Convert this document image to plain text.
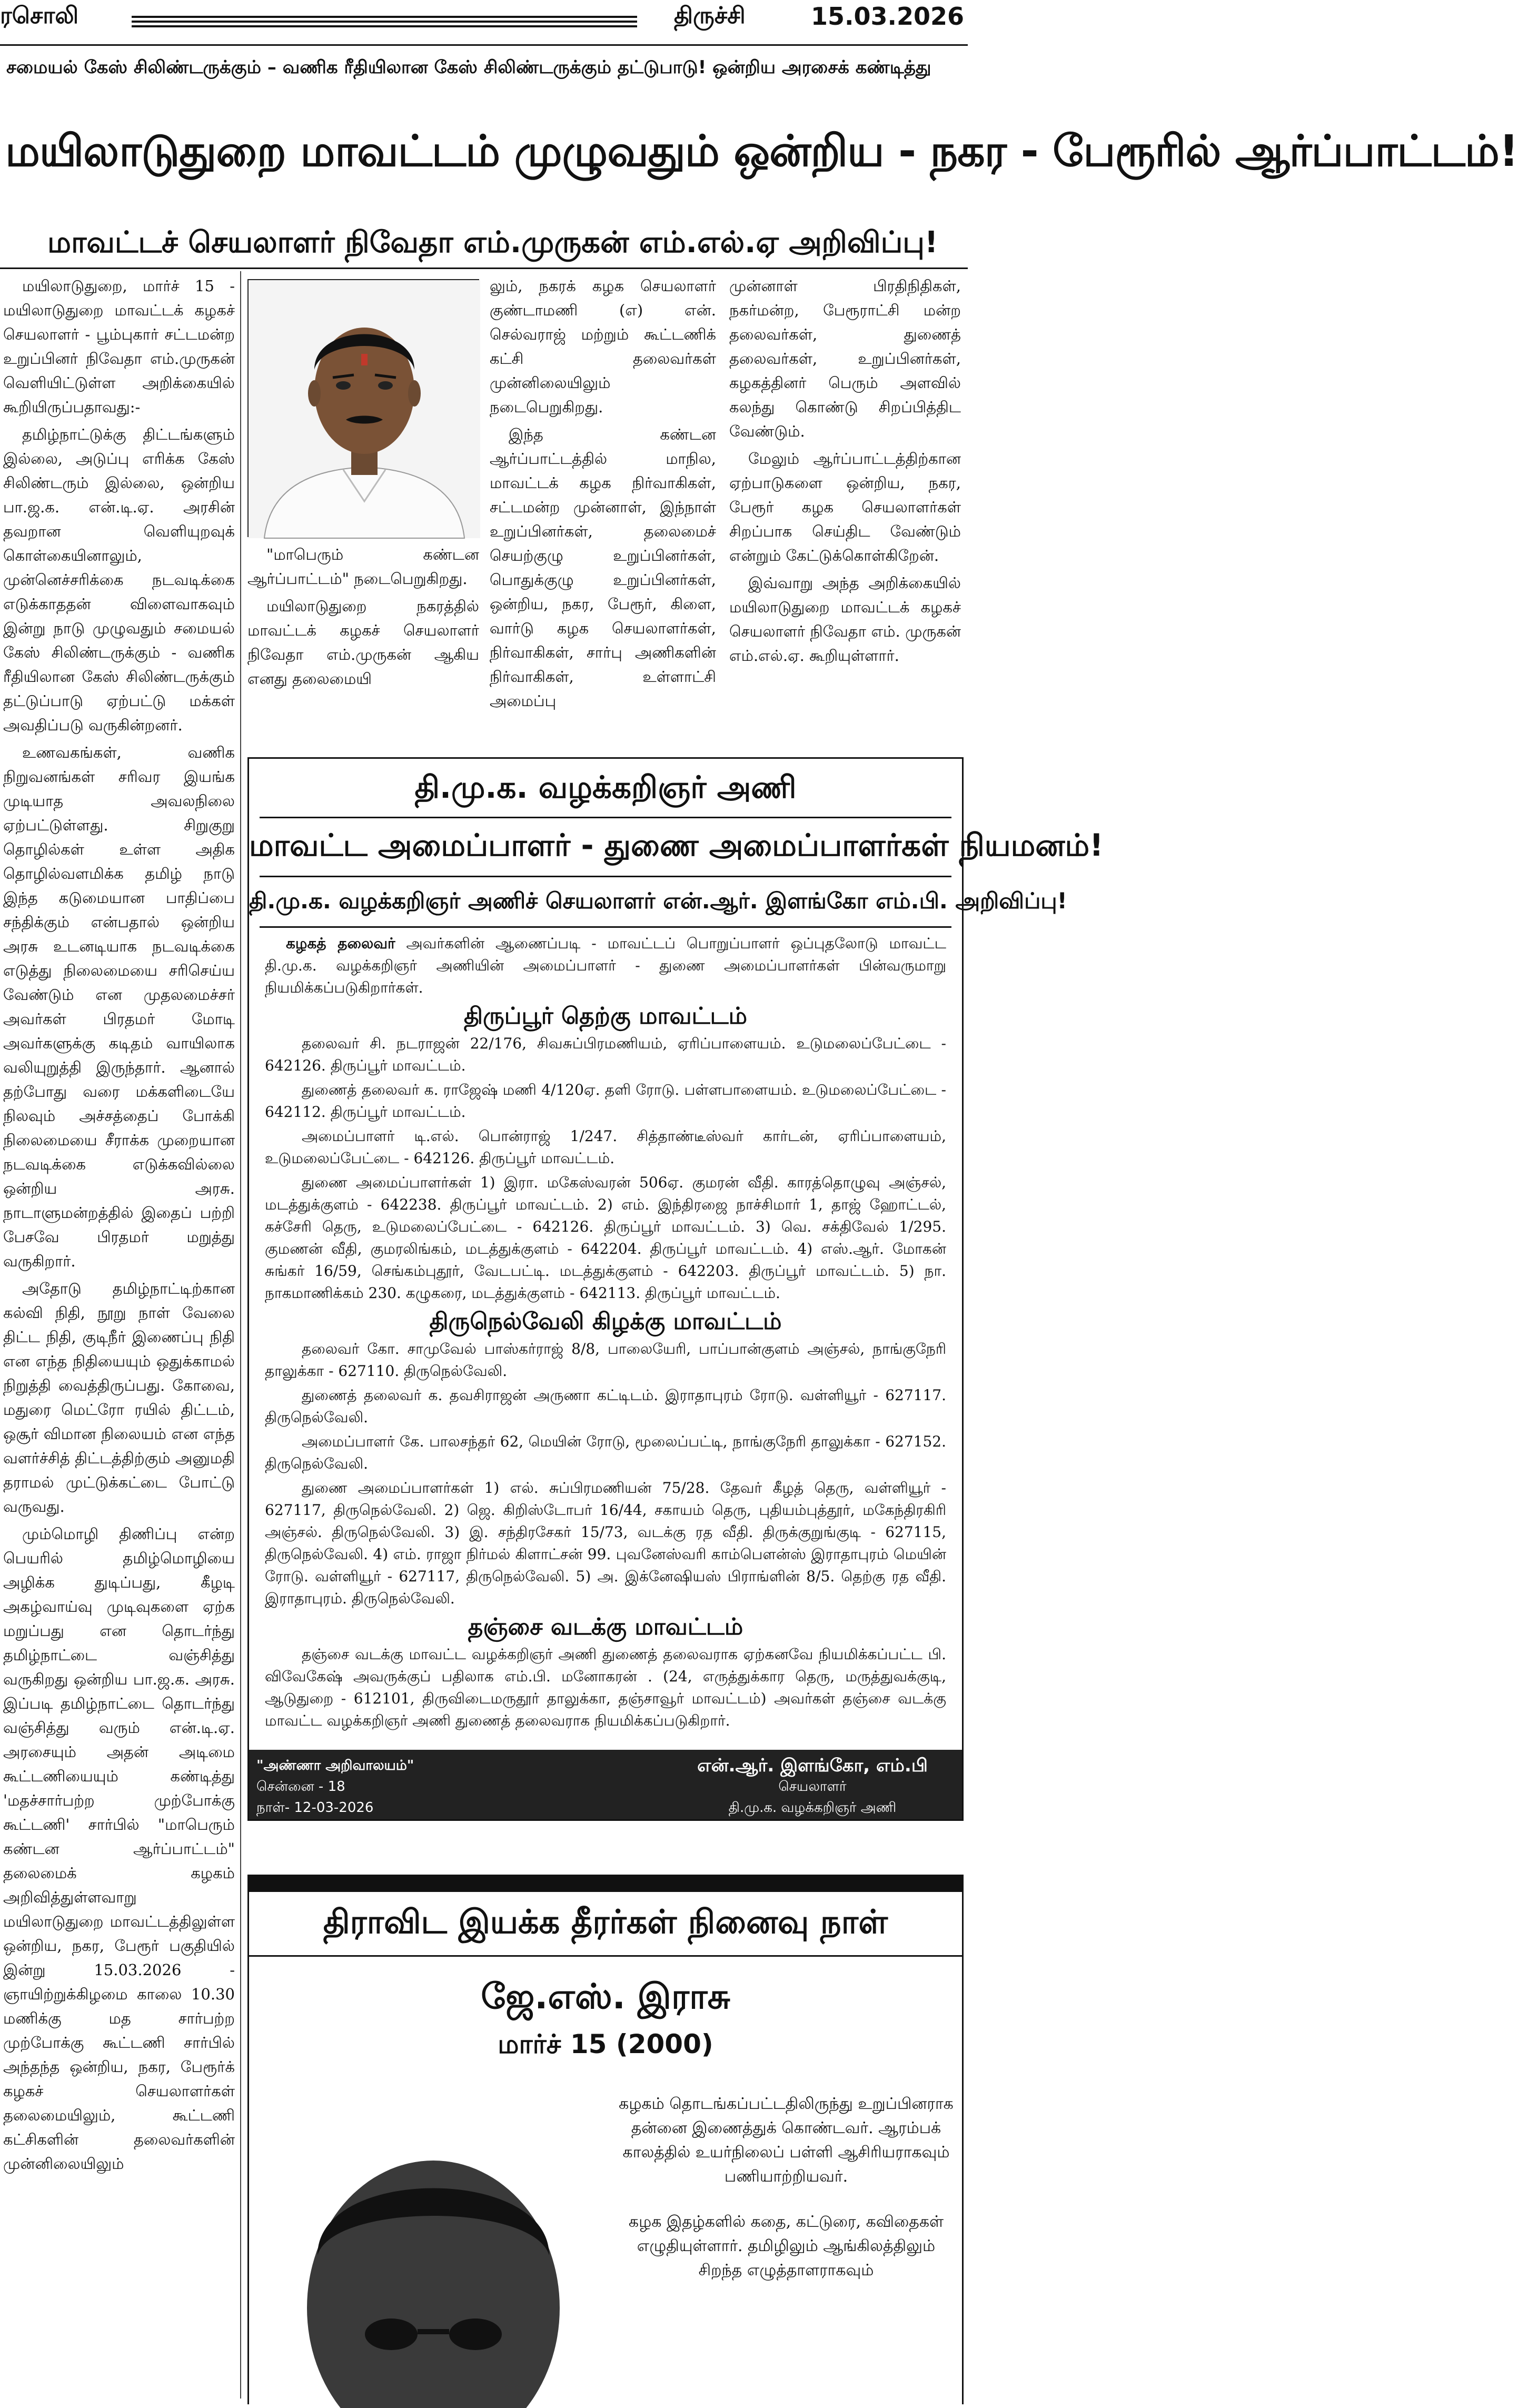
ரசொலி	திருச்சி	15.03.2026
சமையல் கேஸ் சிலிண்டருக்கும் – வணிக ரீதியிலான கேஸ் சிலிண்டருக்கும் தட்டுபாடு! ஒன்றிய அரசைக் கண்டித்து
மயிலாடுதுறை மாவட்டம் முழுவதும் ஒன்றிய - நகர - பேரூரில் ஆர்ப்பாட்டம்!
மாவட்டச் செயலாளர் நிவேதா எம்.முருகன் எம்.எல்.ஏ அறிவிப்பு!

மயிலாடுதுறை, மார்ச் 15 - மயிலாடுதுறை மாவட்டக் கழகச் செயலாளர் - பூம்புகார் சட்டமன்ற உறுப்பினர் நிவேதா எம்.முருகன் வெளியிட்டுள்ள அறிக்கையில் கூறியிருப்பதாவது:-

தமிழ்நாட்டுக்கு திட்டங்களும் இல்லை, அடுப்பு எரிக்க கேஸ் சிலிண்டரும் இல்லை, ஒன்றிய பா.ஜ.க. என்.டி.ஏ. அரசின் தவறான வெளியுறவுக் கொள்கையினாலும், முன்னெச்சரிக்கை நடவடிக்கை எடுக்காததன் விளைவாகவும் இன்று நாடு முழுவதும் சமையல் கேஸ் சிலிண்டருக்கும் - வணிக ரீதியிலான கேஸ் சிலிண்டருக்கும் தட்டுப்பாடு ஏற்பட்டு மக்கள் அவதிப்படு வருகின்றனர்.

உணவகங்கள், வணிக நிறுவனங்கள் சரிவர இயங்க முடியாத அவலநிலை ஏற்பட்டுள்ளது. சிறுகுறு தொழில்கள் உள்ள அதிக தொழில்வளமிக்க தமிழ் நாடு இந்த கடுமையான பாதிப்பை சந்திக்கும் என்பதால் ஒன்றிய அரசு உடனடியாக நடவடிக்கை எடுத்து நிலைமையை சரிசெய்ய வேண்டும் என முதலமைச்சர் அவர்கள் பிரதமர் மோடி அவர்களுக்கு கடிதம் வாயிலாக வலியுறுத்தி இருந்தார். ஆனால் தற்போது வரை மக்களிடையே நிலவும் அச்சத்தைப் போக்கி நிலைமையை சீராக்க முறையான நடவடிக்கை எடுக்கவில்லை ஒன்றிய அரசு. நாடாளுமன்றத்தில் இதைப் பற்றி பேசவே பிரதமர் மறுத்து வருகிறார்.

அதோடு தமிழ்நாட்டிற்கான கல்வி நிதி, நூறு நாள் வேலை திட்ட நிதி, குடிநீர் இணைப்பு நிதி என எந்த நிதியையும் ஒதுக்காமல் நிறுத்தி வைத்திருப்பது. கோவை, மதுரை மெட்ரோ ரயில் திட்டம், ஒசூர் விமான நிலையம் என எந்த வளர்ச்சித் திட்டத்திற்கும் அனுமதி தராமல் முட்டுக்கட்டை போட்டு வருவது.

மும்மொழி திணிப்பு என்ற பெயரில் தமிழ்மொழியை அழிக்க துடிப்பது, கீழடி அகழ்வாய்வு முடிவுகளை ஏற்க மறுப்பது என தொடர்ந்து தமிழ்நாட்டை வஞ்சித்து வருகிறது ஒன்றிய பா.ஜ.க. அரசு. இப்படி தமிழ்நாட்டை தொடர்ந்து வஞ்சித்து வரும் என்.டி.ஏ. அரசையும் அதன் அடிமை கூட்டணியையும் கண்டித்து 'மதச்சார்பற்ற முற்போக்கு கூட்டணி' சார்பில் "மாபெரும் கண்டன ஆர்ப்பாட்டம்" தலைமைக் கழகம் அறிவித்துள்ளவாறு மயிலாடுதுறை மாவட்டத்திலுள்ள ஒன்றிய, நகர, பேரூர் பகுதியில் இன்று 15.03.2026 - ஞாயிற்றுக்கிழமை காலை 10.30 மணிக்கு மத சார்பற்ற முற்போக்கு கூட்டணி சார்பில் அந்தந்த ஒன்றிய, நகர, பேரூர்க் கழகச் செயலாளர்கள் தலைமையிலும், கூட்டணி கட்சிகளின் தலைவர்களின் முன்னிலையிலும்

"மாபெரும் கண்டன ஆர்ப்பாட்டம்" நடைபெறுகிறது.

மயிலாடுதுறை நகரத்தில் மாவட்டக் கழகச் செயலாளர் நிவேதா எம்.முருகன் ஆகிய எனது தலைமையி

லும், நகரக் கழக செயலாளர் குண்டாமணி (எ) என். செல்வராஜ் மற்றும் கூட்டணிக் கட்சி தலைவர்கள் முன்னிலையிலும் நடைபெறுகிறது.

இந்த கண்டன ஆர்ப்பாட்டத்தில் மாநில, மாவட்டக் கழக நிர்வாகிகள், சட்டமன்ற முன்னாள், இந்நாள் உறுப்பினர்கள், தலைமைச் செயற்குழு உறுப்பினர்கள், பொதுக்குழு உறுப்பினர்கள், ஒன்றிய, நகர, பேரூர், கிளை, வார்டு கழக செயலாளர்கள், நிர்வாகிகள், சார்பு அணிகளின் நிர்வாகிகள், உள்ளாட்சி அமைப்பு

முன்னாள் பிரதிநிதிகள், நகர்மன்ற, பேரூராட்சி மன்ற தலைவர்கள், துணைத் தலைவர்கள், உறுப்பினர்கள், கழகத்தினர் பெரும் அளவில் கலந்து கொண்டு சிறப்பித்திட வேண்டும்.

மேலும் ஆர்ப்பாட்டத்திற்கான ஏற்பாடுகளை ஒன்றிய, நகர, பேரூர் கழக செயலாளர்கள் சிறப்பாக செய்திட வேண்டும் என்றும் கேட்டுக்கொள்கிறேன்.

இவ்வாறு அந்த அறிக்கையில் மயிலாடுதுறை மாவட்டக் கழகச் செயலாளர் நிவேதா எம். முருகன் எம்.எல்.ஏ. கூறியுள்ளார்.

தி.மு.க. வழக்கறிஞர் அணி
மாவட்ட அமைப்பாளர் - துணை அமைப்பாளர்கள் நியமனம்!
தி.மு.க. வழக்கறிஞர் அணிச் செயலாளர் என்.ஆர். இளங்கோ எம்.பி. அறிவிப்பு!

கழகத் தலைவர் அவர்களின் ஆணைப்படி - மாவட்டப் பொறுப்பாளர் ஒப்புதலோடு மாவட்ட தி.மு.க. வழக்கறிஞர் அணியின் அமைப்பாளர் - துணை அமைப்பாளர்கள் பின்வருமாறு நியமிக்கப்படுகிறார்கள்.

திருப்பூர் தெற்கு மாவட்டம்

தலைவர் சி. நடராஜன் 22/176, சிவசுப்பிரமணியம், ஏரிப்பாளையம். உடுமலைப்பேட்டை - 642126. திருப்பூர் மாவட்டம்.

துணைத் தலைவர் க. ராஜேஷ் மணி 4/120ஏ. தளி ரோடு. பள்ளபாளையம். உடுமலைப்பேட்டை - 642112. திருப்பூர் மாவட்டம்.

அமைப்பாளர் டி.எல். பொன்ராஜ் 1/247. சித்தாண்டீஸ்வர் கார்டன், ஏரிப்பாளையம், உடுமலைப்பேட்டை - 642126. திருப்பூர் மாவட்டம்.

துணை அமைப்பாளர்கள் 1) இரா. மகேஸ்வரன் 506ஏ. குமரன் வீதி. காரத்தொழுவு அஞ்சல், மடத்துக்குளம் - 642238. திருப்பூர் மாவட்டம். 2) எம். இந்திரஜை நாச்சிமார் 1, தாஜ் ஹோட்டல், கச்சேரி தெரு, உடுமலைப்பேட்டை - 642126. திருப்பூர் மாவட்டம். 3) வெ. சக்திவேல் 1/295. குமணன் வீதி, குமரலிங்கம், மடத்துக்குளம் - 642204. திருப்பூர் மாவட்டம். 4) எஸ்.ஆர். மோகன் சுங்கர் 16/59, செங்கம்புதூர், வேடபட்டி. மடத்துக்குளம் - 642203. திருப்பூர் மாவட்டம். 5) நா. நாகமாணிக்கம் 230. கழுகரை, மடத்துக்குளம் - 642113. திருப்பூர் மாவட்டம்.

திருநெல்வேலி கிழக்கு மாவட்டம்

தலைவர் கோ. சாமுவேல் பாஸ்கர்ராஜ் 8/8, பாலையேரி, பாப்பான்குளம் அஞ்சல், நாங்குநேரி தாலுக்கா - 627110. திருநெல்வேலி.

துணைத் தலைவர் க. தவசிராஜன் அருணா கட்டிடம். இராதாபுரம் ரோடு. வள்ளியூர் - 627117. திருநெல்வேலி.

அமைப்பாளர் கே. பாலசந்தர் 62, மெயின் ரோடு, மூலைப்பட்டி, நாங்குநேரி தாலுக்கா - 627152. திருநெல்வேலி.

துணை அமைப்பாளர்கள் 1) எல். சுப்பிரமணியன் 75/28. தேவர் கீழத் தெரு, வள்ளியூர் - 627117, திருநெல்வேலி. 2) ஜெ. கிறிஸ்டோபர் 16/44, சகாயம் தெரு, புதியம்புத்தூர், மகேந்திரகிரி அஞ்சல். திருநெல்வேலி. 3) இ. சந்திரசேகர் 15/73, வடக்கு ரத வீதி. திருக்குறுங்குடி - 627115, திருநெல்வேலி. 4) எம். ராஜா நிர்மல் கிளாட்சன் 99. புவனேஸ்வரி காம்பௌன்ஸ் இராதாபுரம் மெயின் ரோடு. வள்ளியூர் - 627117, திருநெல்வேலி. 5) அ. இக்னேஷியஸ் பிராங்ளின் 8/5. தெற்கு ரத வீதி. இராதாபுரம். திருநெல்வேலி.

தஞ்சை வடக்கு மாவட்டம்

தஞ்சை வடக்கு மாவட்ட வழக்கறிஞர் அணி துணைத் தலைவராக ஏற்கனவே நியமிக்கப்பட்ட பி. விவேகேஷ் அவருக்குப் பதிலாக எம்.பி. மனோகரன் . (24, எருத்துக்கார தெரு, மருத்துவக்குடி, ஆடுதுறை - 612101, திருவிடைமருதூர் தாலுக்கா, தஞ்சாவூர் மாவட்டம்) அவர்கள் தஞ்சை வடக்கு மாவட்ட வழக்கறிஞர் அணி துணைத் தலைவராக நியமிக்கப்படுகிறார்.

"அண்ணா அறிவாலயம்"
சென்னை - 18
நாள்- 12-03-2026
என்.ஆர். இளங்கோ, எம்.பி
செயலாளர்
தி.மு.க. வழக்கறிஞர் அணி
திராவிட இயக்க தீரர்கள் நினைவு நாள்
ஜே.எஸ். இராசு
மார்ச் 15 (2000)

கழகம் தொடங்கப்பட்டதிலிருந்து உறுப்பினராக தன்னை இணைத்துக் கொண்டவர். ஆரம்பக் காலத்தில் உயர்நிலைப் பள்ளி ஆசிரியராகவும் பணியாற்றியவர்.

கழக இதழ்களில் கதை, கட்டுரை, கவிதைகள் எழுதியுள்ளார். தமிழிலும் ஆங்கிலத்திலும் சிறந்த எழுத்தாளராகவும்
